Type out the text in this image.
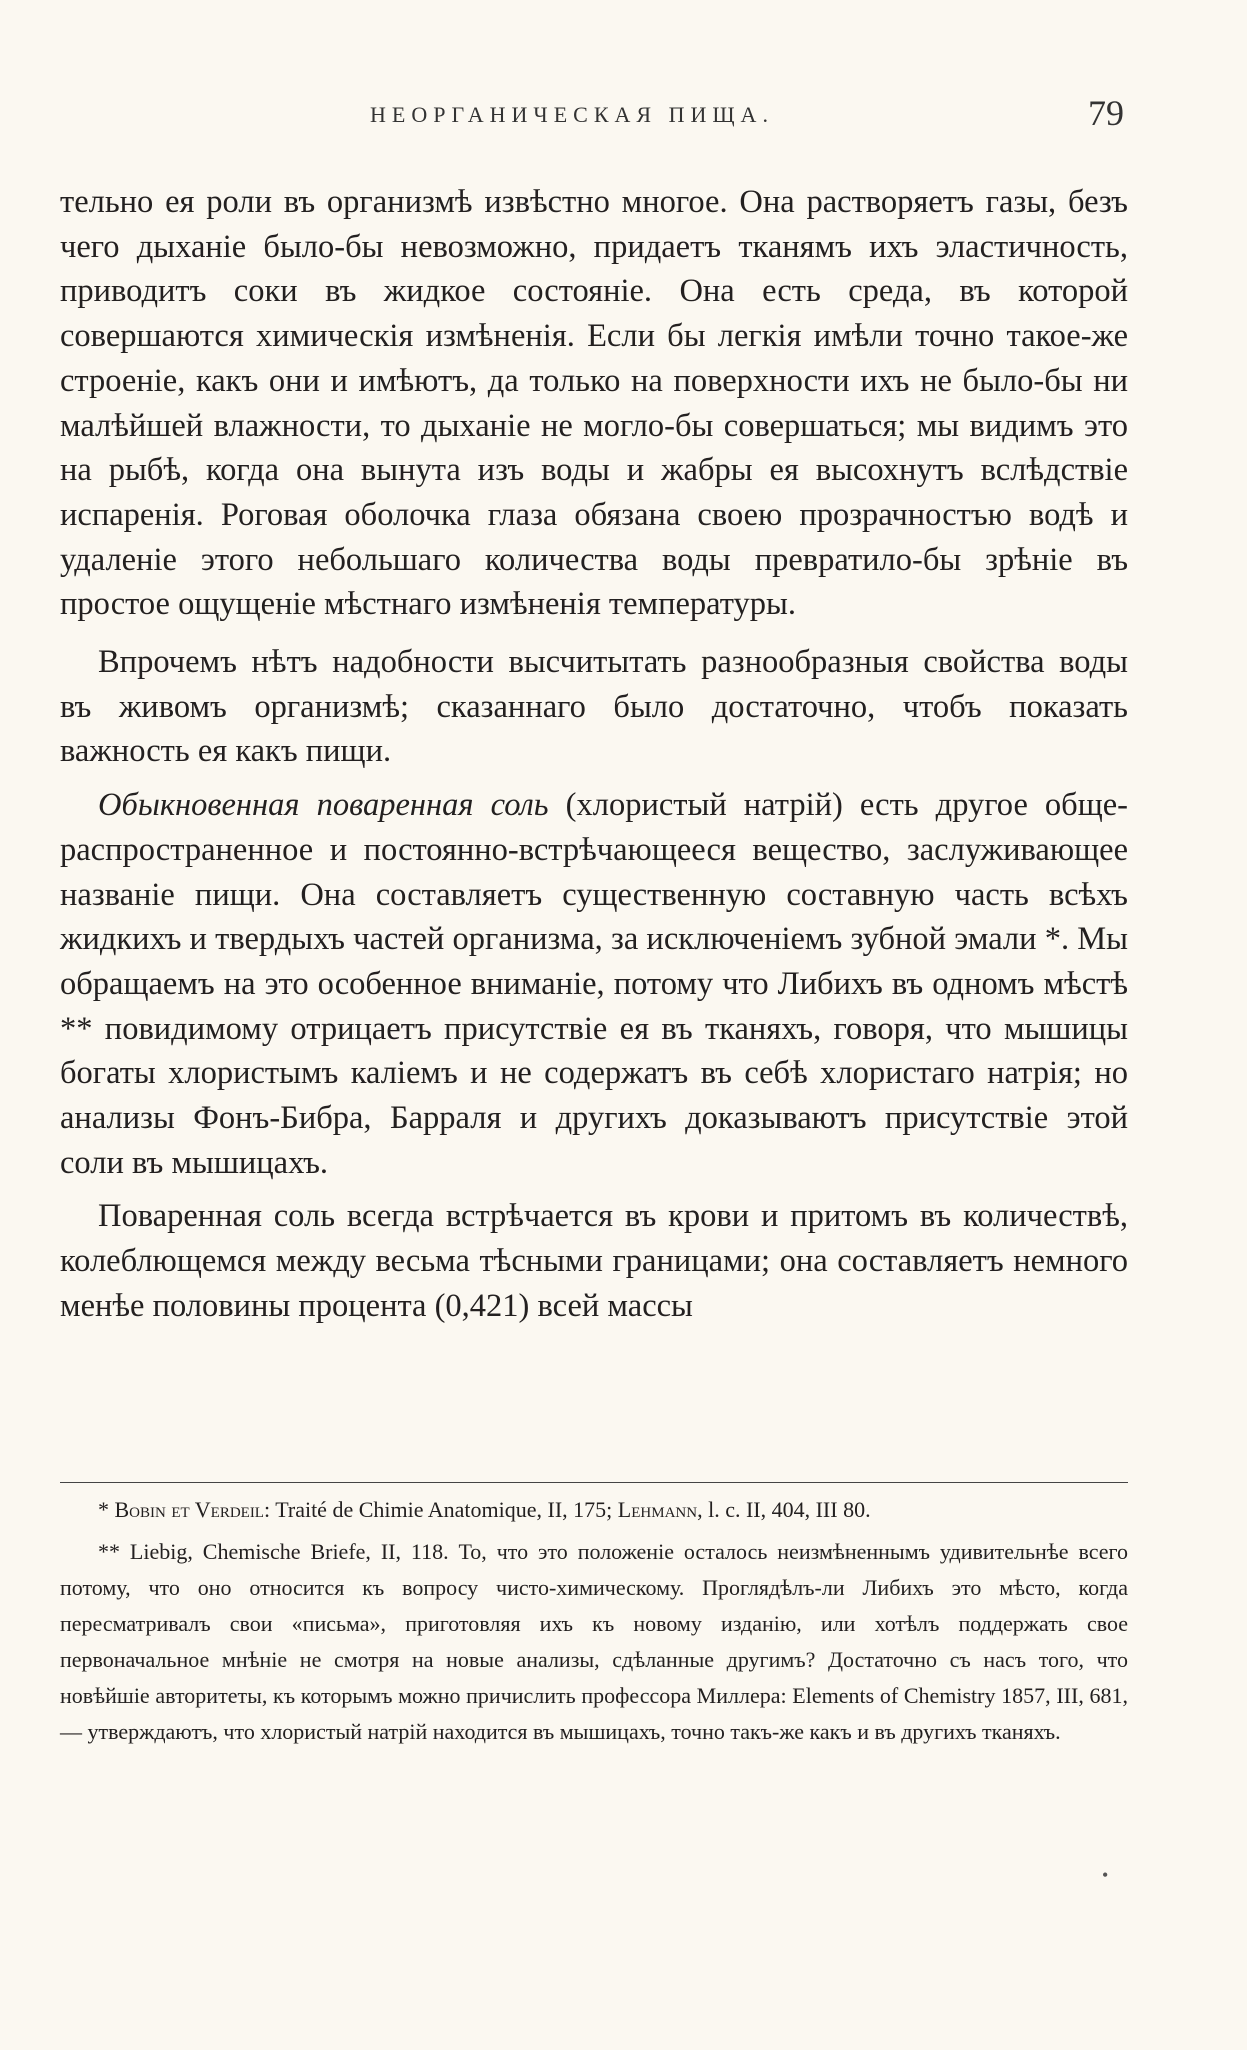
НЕОРГАНИЧЕСКАЯ ПИЩА.	79

тельно ея роли въ организмѣ извѣстно многое. Она растворяетъ газы, безъ чего дыханіе было-бы невозможно, придаетъ тканямъ ихъ эластичность, приводитъ соки въ жидкое состояніе. Она есть среда, въ которой совершаются химическія измѣненія. Если бы легкія имѣли точно такое-же строеніе, какъ они и имѣютъ, да только на поверхности ихъ не было-бы ни малѣйшей влажности, то дыханіе не могло-бы совершаться; мы видимъ это на рыбѣ, когда она вынута изъ воды и жабры ея высохнутъ вслѣдствіе испаренія. Роговая оболочка глаза обязана своею прозрачностъю водѣ и удаленіе этого небольшаго количества воды превратило-бы зрѣніе въ простое ощущеніе мѣстнаго измѣненія температуры.

Впрочемъ нѣтъ надобности высчитытать разнообразныя свойства воды въ живомъ организмѣ; сказаннаго было достаточно, чтобъ показать важность ея какъ пищи.

Обыкновенная поваренная соль (хлористый натрій) есть другое обще-распространенное и постоянно-встрѣчающееся вещество, заслуживающее названіе пищи. Она составляетъ существенную составную часть всѣхъ жидкихъ и твердыхъ частей организма, за исключеніемъ зубной эмали *. Мы обращаемъ на это особенное вниманіе, потому что Либихъ въ одномъ мѣстѣ ** повидимому отрицаетъ присутствіе ея въ тканяхъ, говоря, что мышицы богаты хлористымъ каліемъ и не содержатъ въ себѣ хлористаго натрія; но анализы Фонъ-Бибра, Барраля и другихъ доказываютъ присутствіе этой соли въ мышицахъ.

Поваренная соль всегда встрѣчается въ крови и притомъ въ количествѣ, колеблющемся между весьма тѣсными границами; она составляетъ немного менѣе половины процента (0,421) всей массы

* Bobin et Verdeil: Traité de Chimie Anatomique, II, 175; Lehmann, l. c. II, 404, III 80.

** Liebig, Chemische Briefe, II, 118. То, что это положеніе осталось неизмѣненнымъ удивительнѣе всего потому, что оно относится къ вопросу чисто-химическому. Проглядѣлъ-ли Либихъ это мѣсто, когда пересматривалъ свои «письма», приготовляя ихъ къ новому изданію, или хотѣлъ поддержать свое первоначальное мнѣніе не смотря на новые анализы, сдѣланные другимъ? Достаточно съ насъ того, что новѣйшіе авторитеты, къ которымъ можно причислить профессора Миллера: Elements of Chemistry 1857, III, 681, — утверждаютъ, что хлористый натрій находится въ мышицахъ, точно такъ-же какъ и въ другихъ тканяхъ.

•
